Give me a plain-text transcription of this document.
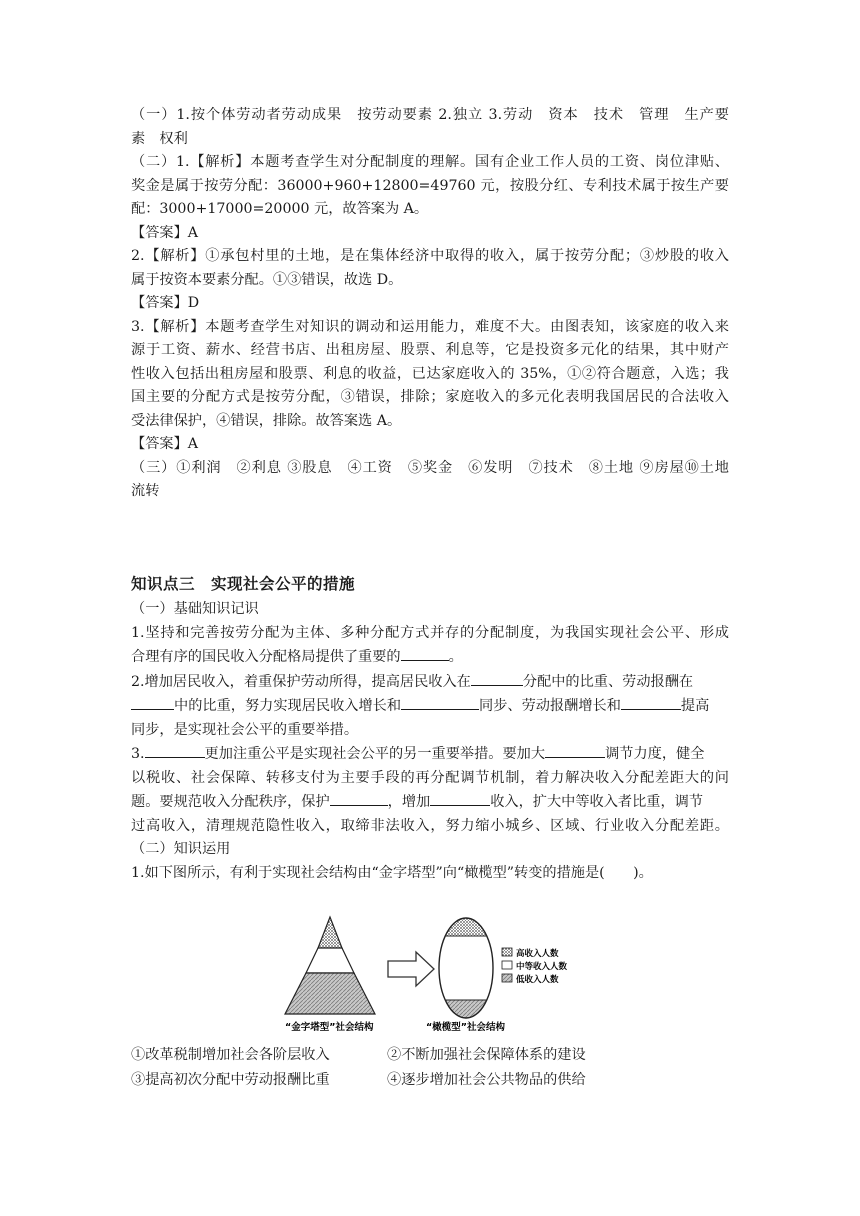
（一）1.按个体劳动者劳动成果　按劳动要素 2.独立 3.劳动　资本　技术　管理　生产要
素　权利
（二）1.【解析】本题考查学生对分配制度的理解。国有企业工作人员的工资、岗位津贴、
奖金是属于按劳分配：36000+960+12800=49760 元，按股分红、专利技术属于按生产要
配：3000+17000=20000 元，故答案为 A。
【答案】A
2.【解析】①承包村里的土地，是在集体经济中取得的收入，属于按劳分配；③炒股的收入
属于按资本要素分配。①③错误，故选 D。
【答案】D
3.【解析】本题考查学生对知识的调动和运用能力，难度不大。由图表知，该家庭的收入来
源于工资、薪水、经营书店、出租房屋、股票、利息等，它是投资多元化的结果，其中财产
性收入包括出租房屋和股票、利息的收益，已达家庭收入的 35%，①②符合题意，入选；我
国主要的分配方式是按劳分配，③错误，排除；家庭收入的多元化表明我国居民的合法收入
受法律保护，④错误，排除。故答案选 A。
【答案】A
（三）①利润　②利息 ③股息　④工资　⑤奖金　⑥发明　⑦技术　⑧土地 ⑨房屋⑩土地
流转
知识点三　实现社会公平的措施
（一）基础知识记识
1.坚持和完善按劳分配为主体、多种分配方式并存的分配制度，为我国实现社会公平、形成
合理有序的国民收入分配格局提供了重要的	。
2.增加居民收入，着重保护劳动所得，提高居民收入在	分配中的比重、劳动报酬在
中的比重，努力实现居民收入增长和	同步、劳动报酬增长和	提高
同步，是实现社会公平的重要举措。
3.	更加注重公平是实现社会公平的另一重要举措。要加大	调节力度，健全
以税收、社会保障、转移支付为主要手段的再分配调节机制，着力解决收入分配差距大的问
题。要规范收入分配秩序，保护	，增加	收入，扩大中等收入者比重，调节
过高收入，清理规范隐性收入，取缔非法收入，努力缩小城乡、区域、行业收入分配差距。
（二）知识运用
1.如下图所示，有利于实现社会结构由“金字塔型”向“橄榄型”转变的措施是(　　)。
高收入人数
中等收入人数
低收入人数
“金字塔型”社会结构	“橄榄型”社会结构
①改革税制增加社会各阶层收入	②不断加强社会保障体系的建设
③提高初次分配中劳动报酬比重	④逐步增加社会公共物品的供给
